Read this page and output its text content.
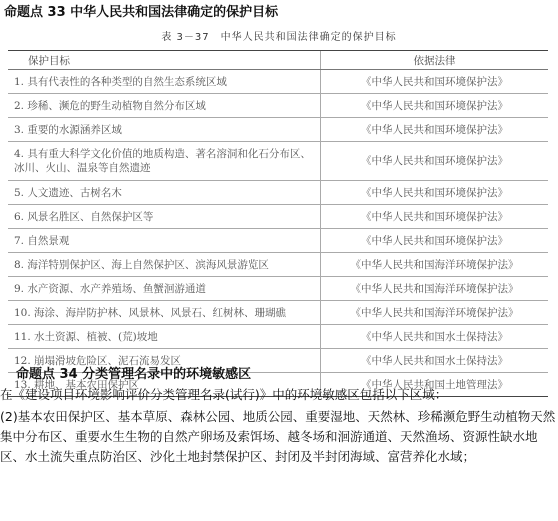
命题点 33 中华人民共和国法律确定的保护目标
表 3－37　中华人民共和国法律确定的保护目标
保护目标	依据法律
1. 具有代表性的各种类型的自然生态系统区域	《中华人民共和国环境保护法》
2. 珍稀、濒危的野生动植物自然分布区域	《中华人民共和国环境保护法》
3. 重要的水源涵养区域	《中华人民共和国环境保护法》
4. 具有重大科学文化价值的地质构造、著名溶洞和化石分布区、冰川、火山、温泉等自然遗迹	《中华人民共和国环境保护法》
5. 人文遗迹、古树名木	《中华人民共和国环境保护法》
6. 风景名胜区、自然保护区等	《中华人民共和国环境保护法》
7. 自然景观	《中华人民共和国环境保护法》
8. 海洋特别保护区、海上自然保护区、滨海风景游览区	《中华人民共和国海洋环境保护法》
9. 水产资源、水产养殖场、鱼蟹洄游通道	《中华人民共和国海洋环境保护法》
10. 海涂、海岸防护林、风景林、风景石、红树林、珊瑚礁	《中华人民共和国海洋环境保护法》
11. 水土资源、植被、(荒)坡地	《中华人民共和国水土保持法》
12. 崩塌滑坡危险区、泥石流易发区	《中华人民共和国水土保持法》
13. 耕地、基本农田保护区	《中华人民共和国土地管理法》
命题点 34 分类管理名录中的环境敏感区
在《建设项目环境影响评价分类管理名录(试行)》中的环境敏感区包括以下区域：
(2)基本农田保护区、基本草原、森林公园、地质公园、重要湿地、天然林、珍稀濒危野生动植物天然集中分布区、重要水生生物的自然产卵场及索饵场、越冬场和洄游通道、天然渔场、资源性缺水地区、水土流失重点防治区、沙化土地封禁保护区、封闭及半封闭海域、富营养化水域；
